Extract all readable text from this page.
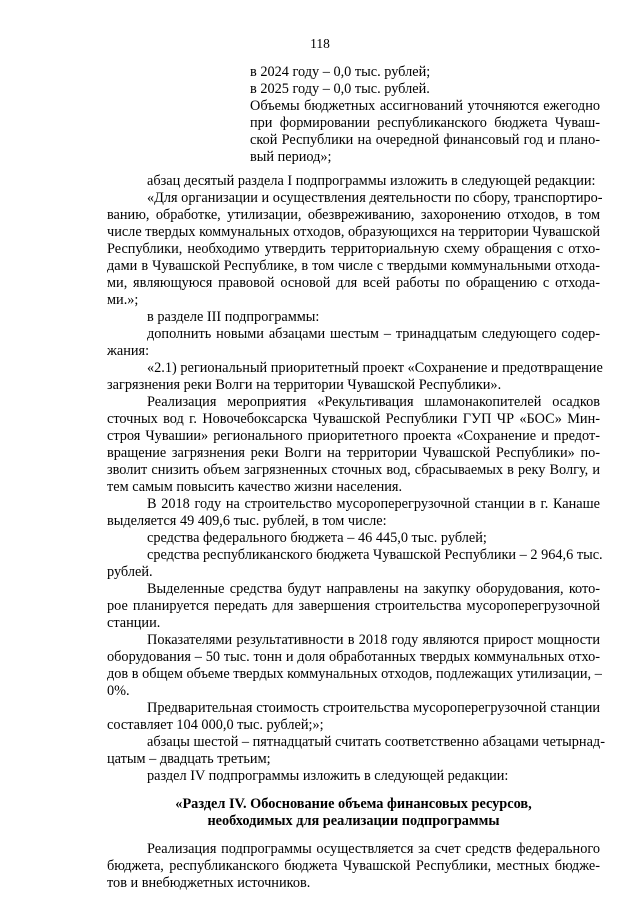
118
в 2024 году – 0,0 тыс. рублей;
в 2025 году – 0,0 тыс. рублей.
Объемы бюджетных ассигнований уточняются ежегодно
при формировании республиканского бюджета Чуваш-
ской Республики на очередной финансовый год и плано-
вый период»;
абзац десятый раздела I подпрограммы изложить в следующей редакции:
«Для организации и осуществления деятельности по сбору, транспортиро-
ванию, обработке, утилизации, обезвреживанию, захоронению отходов, в том
числе твердых коммунальных отходов, образующихся на территории Чувашской
Республики, необходимо утвердить территориальную схему обращения с отхо-
дами в Чувашской Республике, в том числе с твердыми коммунальными отхода-
ми, являющуюся правовой основой для всей работы по обращению с отхода-
ми.»;
в разделе III подпрограммы:
дополнить новыми абзацами шестым – тринадцатым следующего содер-
жания:
«2.1) региональный приоритетный проект «Сохранение и предотвращение
загрязнения реки Волги на территории Чувашской Республики».
Реализация мероприятия «Рекультивация шламонакопителей осадков
сточных вод г. Новочебоксарска Чувашской Республики ГУП ЧР «БОС» Мин-
строя Чувашии» регионального приоритетного проекта «Сохранение и предот-
вращение загрязнения реки Волги на территории Чувашской Республики» по-
зволит снизить объем загрязненных сточных вод, сбрасываемых в реку Волгу, и
тем самым повысить качество жизни населения.
В 2018 году на строительство мусороперегрузочной станции в г. Канаше
выделяется 49 409,6 тыс. рублей, в том числе:
средства федерального бюджета – 46 445,0 тыс. рублей;
средства республиканского бюджета Чувашской Республики – 2 964,6 тыс.
рублей.
Выделенные средства будут направлены на закупку оборудования, кото-
рое планируется передать для завершения строительства мусороперегрузочной
станции.
Показателями результативности в 2018 году являются прирост мощности
оборудования – 50 тыс. тонн и доля обработанных твердых коммунальных отхо-
дов в общем объеме твердых коммунальных отходов, подлежащих утилизации, –
0%.
Предварительная стоимость строительства мусороперегрузочной станции
составляет 104 000,0 тыс. рублей;»;
абзацы шестой – пятнадцатый считать соответственно абзацами четырнад-
цатым – двадцать третьим;
раздел IV подпрограммы изложить в следующей редакции:
«Раздел IV. Обоснование объема финансовых ресурсов,
необходимых для реализации подпрограммы
Реализация подпрограммы осуществляется за счет средств федерального
бюджета, республиканского бюджета Чувашской Республики, местных бюдже-
тов и внебюджетных источников.
